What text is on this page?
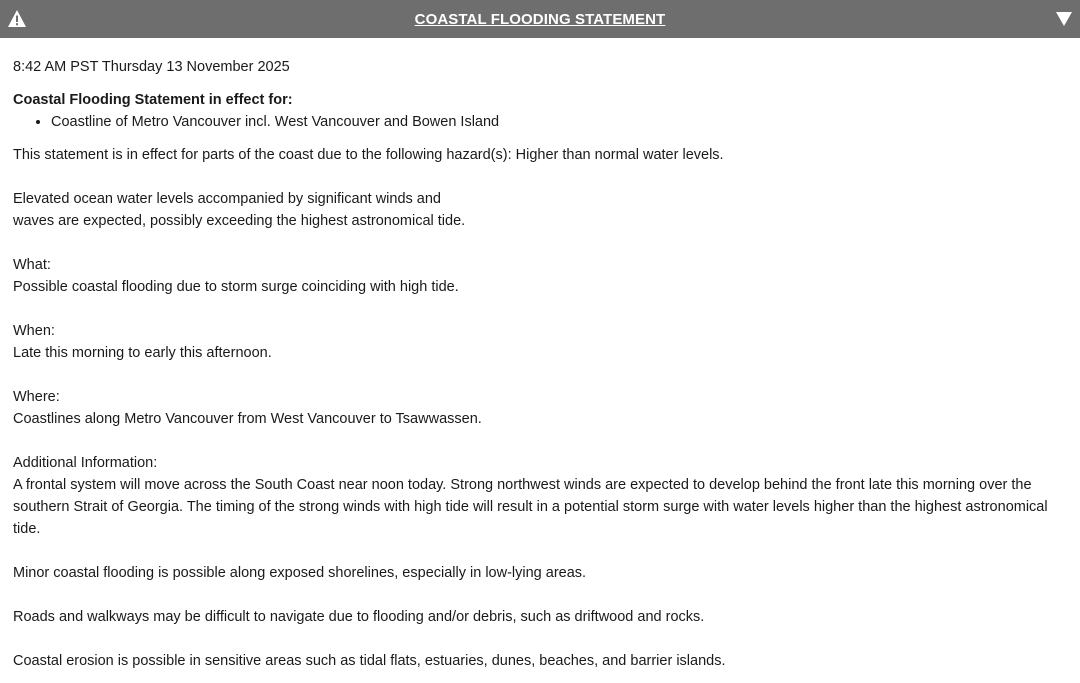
COASTAL FLOODING STATEMENT

8:42 AM PST Thursday 13 November 2025

Coastal Flooding Statement in effect for:

• Coastline of Metro Vancouver incl. West Vancouver and Bowen Island

This statement is in effect for parts of the coast due to the following hazard(s): Higher than normal water levels.

Elevated ocean water levels accompanied by significant winds and
waves are expected, possibly exceeding the highest astronomical tide.

What:
Possible coastal flooding due to storm surge coinciding with high tide.

When:
Late this morning to early this afternoon.

Where:
Coastlines along Metro Vancouver from West Vancouver to Tsawwassen.

Additional Information:
A frontal system will move across the South Coast near noon today. Strong northwest winds are expected to develop behind the front late this morning over the southern Strait of Georgia. The timing of the strong winds with high tide will result in a potential storm surge with water levels higher than the highest astronomical tide.

Minor coastal flooding is possible along exposed shorelines, especially in low-lying areas.

Roads and walkways may be difficult to navigate due to flooding and/or debris, such as driftwood and rocks.

Coastal erosion is possible in sensitive areas such as tidal flats, estuaries, dunes, beaches, and barrier islands.
